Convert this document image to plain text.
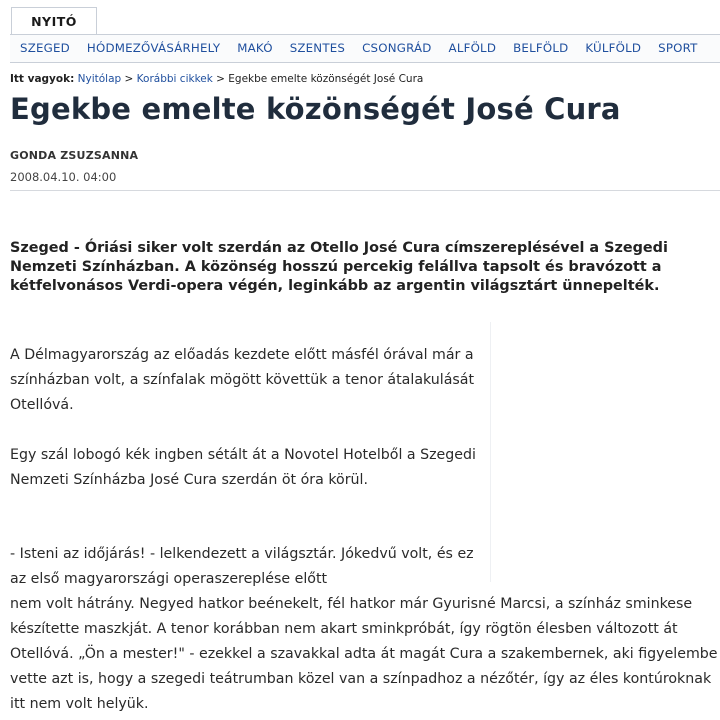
NYITÓ
SZEGED HÓDMEZŐVÁSÁRHELY MAKÓ SZENTES CSONGRÁD ALFÖLD BELFÖLD KÜLFÖLD SPORT
Itt vagyok: Nyitólap > Korábbi cikkek > Egekbe emelte közönségét José Cura
Egekbe emelte közönségét José Cura
GONDA ZSUZSANNA
2008.04.10. 04:00

Szeged - Óriási siker volt szerdán az Otello José Cura címszereplésével a Szegedi Nemzeti Színházban. A közönség hosszú percekig felállva tapsolt és bravózott a kétfelvonásos Verdi-opera végén, leginkább az argentin világsztárt ünnepelték.

A Délmagyarország az előadás kezdete előtt másfél órával már a színházban volt, a színfalak mögött követtük a tenor átalakulását Otellóvá.

Egy szál lobogó kék ingben sétált át a Novotel Hotelből a Szegedi Nemzeti Színházba José Cura szerdán öt óra körül.

- Isteni az időjárás! - lelkendezett a világsztár. Jókedvű volt, és ez az első magyarországi operaszereplése előtt
nem volt hátrány. Negyed hatkor beénekelt, fél hatkor már Gyurisné Marcsi, a színház sminkese készítette maszkját. A tenor korábban nem akart sminkpróbát, így rögtön élesben változott át Otellóvá. „Ön a mester!" - ezekkel a szavakkal adta át magát Cura a szakembernek, aki figyelembe vette azt is, hogy a szegedi teátrumban közel van a színpadhoz a nézőtér, így az éles kontúroknak itt nem volt helyük.
